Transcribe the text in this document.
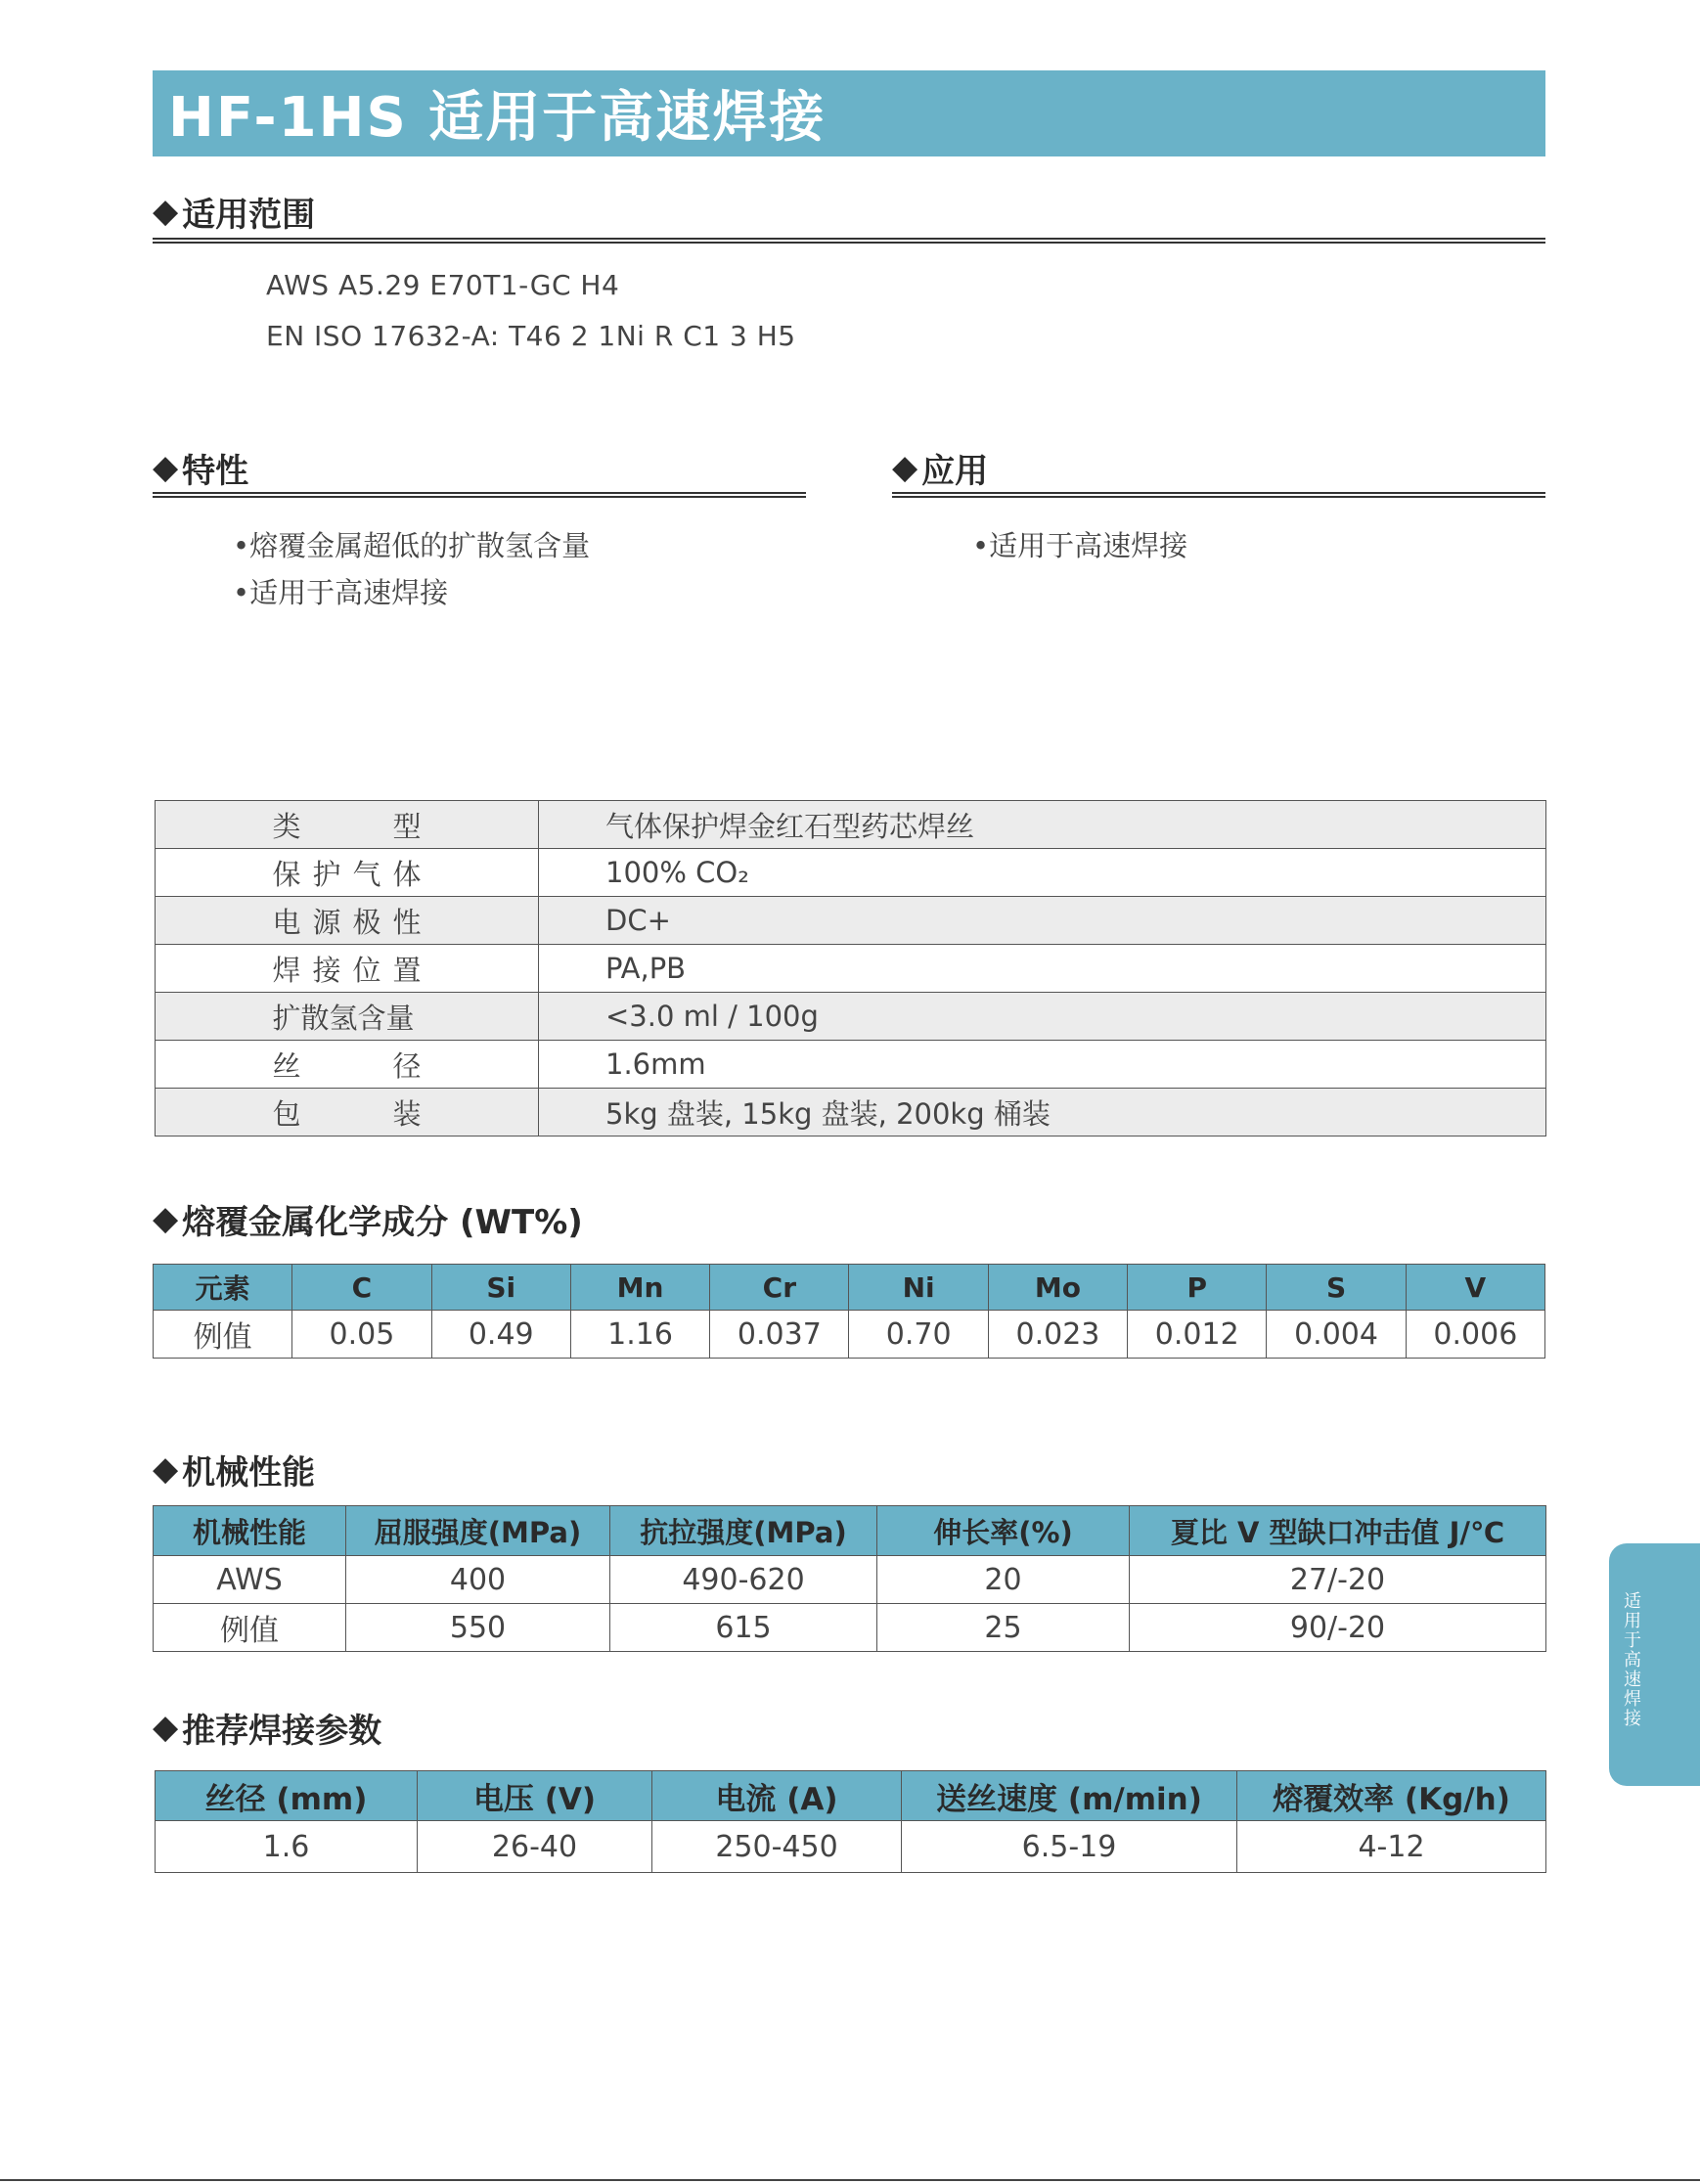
HF-1HS 适用于高速焊接
◆ 适用范围
AWS A5.29 E70T1-GC H4
EN ISO 17632-A: T46 2 1Ni R C1 3 H5
◆ 特性
•熔覆金属超低的扩散氢含量
•适用于高速焊接
◆ 应用
•适用于高速焊接
类 型	气体保护焊金红石型药芯焊丝

保 护 气 体	100% CO₂

电 源 极 性	DC+

焊 接 位 置	PA,PB

扩散氢含量	<3.0 ml / 100g

丝 径	1.6mm

包 装	5kg 盘装, 15kg 盘装, 200kg 桶装
◆ 熔覆金属化学成分 (WT%)
元素	C	Si	Mn	Cr	Ni	Mo	P	S	V
例值	0.05	0.49	1.16	0.037	0.70	0.023	0.012	0.004	0.006
◆ 机械性能
机械性能	屈服强度(MPa)	抗拉强度(MPa)	伸长率(%)	夏比 V 型缺口冲击值 J/℃
AWS	400	490-620	20	27/-20
例值	550	615	25	90/-20
◆ 推荐焊接参数
丝径 (mm)	电压 (V)	电流 (A)	送丝速度 (m/min)	熔覆效率 (Kg/h)
1.6	26-40	250-450	6.5-19	4-12
适
用
于
高
速
焊
接
